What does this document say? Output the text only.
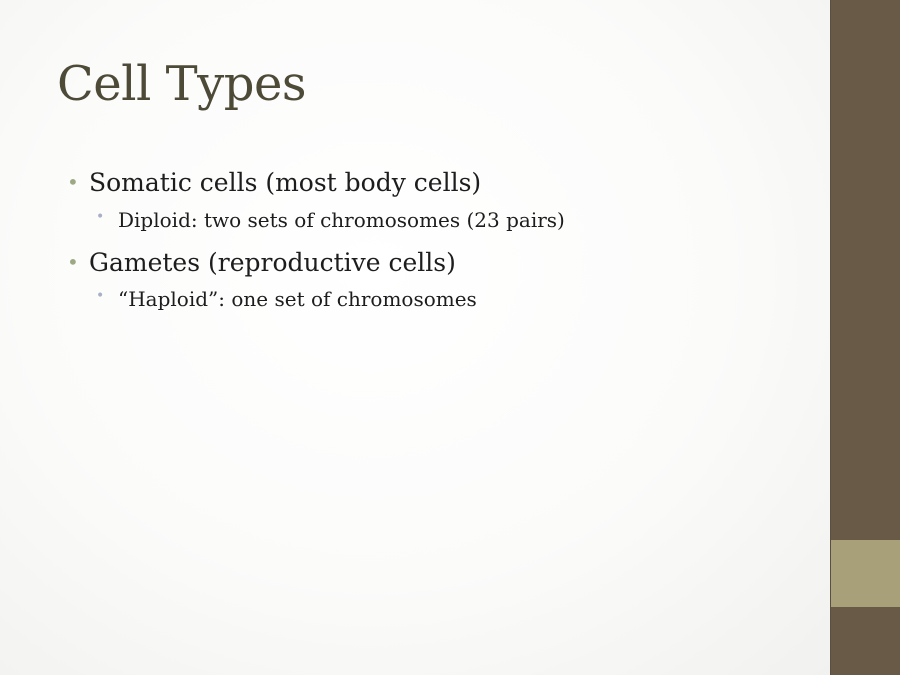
Cell Types
• Somatic cells (most body cells)
• Diploid: two sets of chromosomes (23 pairs)
• Gametes (reproductive cells)
• “Haploid”: one set of chromosomes
